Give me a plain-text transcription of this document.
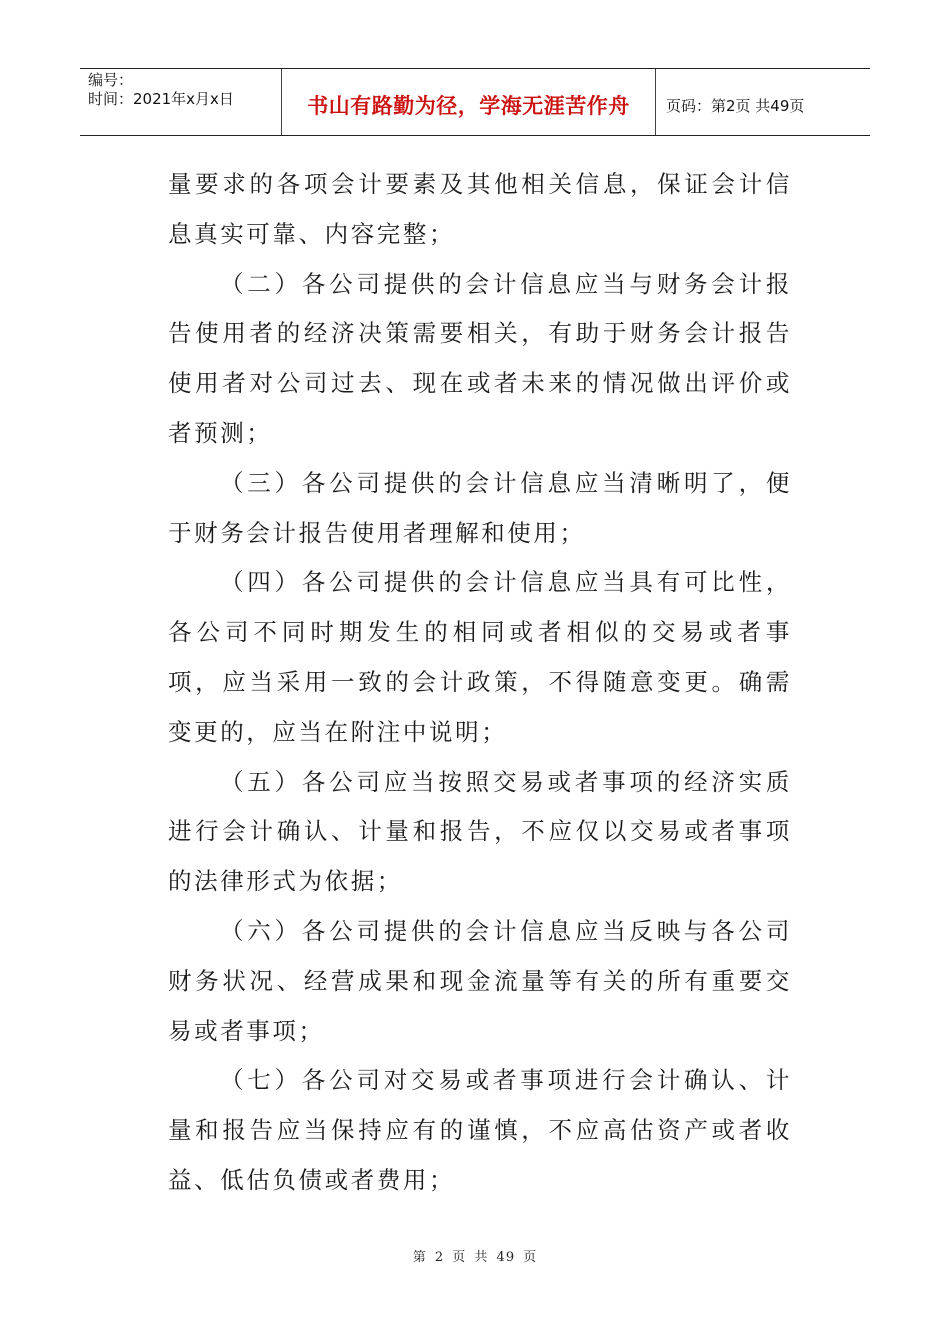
编号：
时间：2021年x月x日	书山有路勤为径，学海无涯苦作舟	页码：第2页 共49页

量要求的各项会计要素及其他相关信息，保证会计信息真实可靠、内容完整；

（二）各公司提供的会计信息应当与财务会计报告使用者的经济决策需要相关，有助于财务会计报告使用者对公司过去、现在或者未来的情况做出评价或者预测；

（三）各公司提供的会计信息应当清晰明了，便于财务会计报告使用者理解和使用；

（四）各公司提供的会计信息应当具有可比性，各公司不同时期发生的相同或者相似的交易或者事项，应当采用一致的会计政策，不得随意变更。确需变更的，应当在附注中说明；

（五）各公司应当按照交易或者事项的经济实质进行会计确认、计量和报告，不应仅以交易或者事项的法律形式为依据；

（六）各公司提供的会计信息应当反映与各公司财务状况、经营成果和现金流量等有关的所有重要交易或者事项；

（七）各公司对交易或者事项进行会计确认、计量和报告应当保持应有的谨慎，不应高估资产或者收益、低估负债或者费用；

第 2 页 共 49 页
